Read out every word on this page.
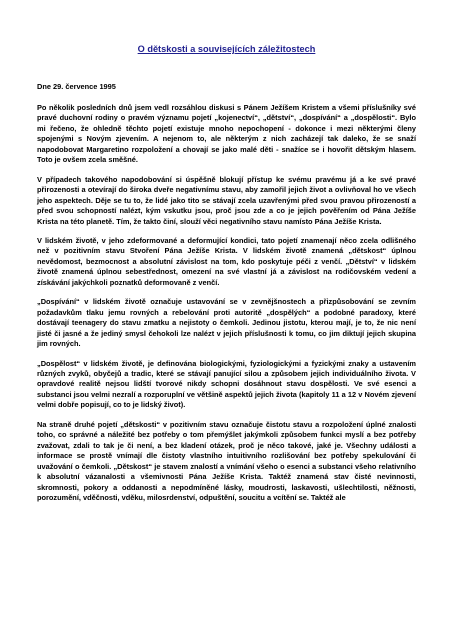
O dětskosti a souvisejících záležitostech
Dne 29. července 1995

Po několik posledních dnů jsem vedl rozsáhlou diskusi s Pánem Ježíšem Kristem a všemi příslušníky své pravé duchovní rodiny o pravém významu pojetí „kojenectví“, „dětství“, „dospívání“ a „dospělosti“. Bylo mi řečeno, že ohledně těchto pojetí existuje mnoho nepochopení - dokonce i mezi některými členy spojenými s Novým zjevením. A nejenom to, ale některým z nich zacházejí tak daleko, že se snaží napodobovat Margaretino rozpoložení a chovají se jako malé děti - snažíce se i hovořit dětským hlasem. Toto je ovšem zcela směšné.

V případech takového napodobování si úspěšně blokují přístup ke svému pravému já a ke své pravé přirozenosti a otevírají do široka dveře negativnímu stavu, aby zamořil jejich život a ovlivňoval ho ve všech jeho aspektech. Děje se tu to, že lidé jako tito se stávají zcela uzavřenými před svou pravou přirozeností a před svou schopností nalézt, kým vskutku jsou, proč jsou zde a co je jejich pověřením od Pána Ježíše Krista na této planetě. Tím, že takto činí, slouží věci negativního stavu namísto Pána Ježíše Krista.

V lidském životě, v jeho zdeformované a deformující kondici, tato pojetí znamenají něco zcela odlišného než v pozitivním stavu Stvoření Pána Ježíše Krista. V lidském životě znamená „dětskost“ úplnou nevědomost, bezmocnost a absolutní závislost na tom, kdo poskytuje péči z venčí. „Dětství“ v lidském životě znamená úplnou sebestřednost, omezení na své vlastní já a závislost na rodičovském vedení a získávání jakýchkoli poznatků deformovaně z venčí.

„Dospívání“ v lidském životě označuje ustavování se v zevnějšnostech a přizpůsobování se zevním požadavkům tlaku jemu rovných a rebelování proti autoritě „dospělých“ a podobné paradoxy, které dostávají teenagery do stavu zmatku a nejistoty o čemkoli. Jedinou jistotu, kterou mají, je to, že nic není jisté či jasné a že jediný smysl čehokoli lze nalézt v jejich příslušnosti k tomu, co jim diktují jejich skupina jim rovných.

„Dospělost“ v lidském životě, je definována biologickými, fyziologickými a fyzickými znaky a ustavením různých zvyků, obyčejů a tradic, které se stávají panující silou a způsobem jejich individuálního života. V opravdové realitě nejsou lidští tvorové nikdy schopni dosáhnout stavu dospělosti. Ve své esenci a substanci jsou velmi nezralí a rozporuplní ve většině aspektů jejich života (kapitoly 11 a 12 v Novém zjevení velmi dobře popisují, co to je lidský život).

Na straně druhé pojetí „dětskosti“ v pozitivním stavu označuje čistotu stavu a rozpoložení úplné znalosti toho, co správné a náležité bez potřeby o tom přemýšlet jakýmkoli způsobem funkci myslí a bez potřeby zvažovat, zdali to tak je či není, a bez kladení otázek, proč je něco takové, jaké je. Všechny události a informace se prostě vnímají dle čistoty vlastního intuitivního rozlišování bez potřeby spekulování či uvažování o čemkoli. „Dětskost“ je stavem znalostí a vnímání všeho o esenci a substanci všeho relativního k absolutní vázanalosti a všemivnosti Pána Ježíše Krista. Taktéž znamená stav čisté nevinnosti, skromnosti, pokory a oddanosti a nepodmíněné lásky, moudrosti, laskavosti, ušlechtilosti, něžnosti, porozumění, vděčnosti, vděku, milosrdenství, odpuštění, soucitu a vcítění se. Taktéž ale
